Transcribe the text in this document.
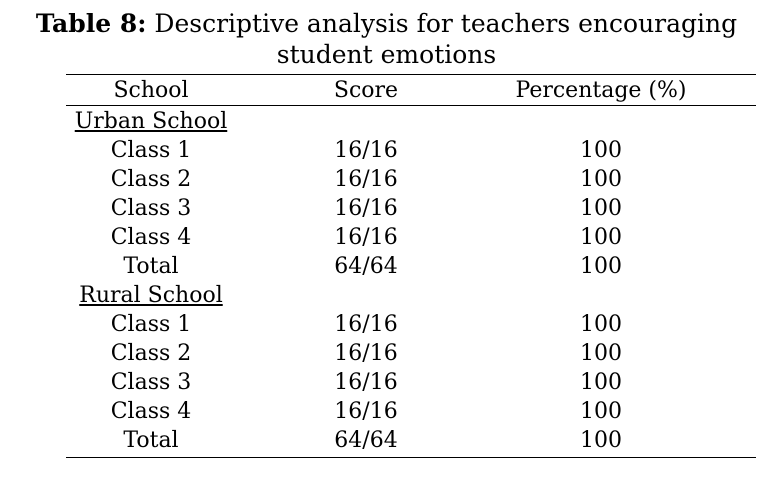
Table 8: Descriptive analysis for teachers encouraging
student emotions
School	Score	Percentage (%)
Urban School
Class 1	16/16	100
Class 2	16/16	100
Class 3	16/16	100
Class 4	16/16	100
Total	64/64	100
Rural School
Class 1	16/16	100
Class 2	16/16	100
Class 3	16/16	100
Class 4	16/16	100
Total	64/64	100
